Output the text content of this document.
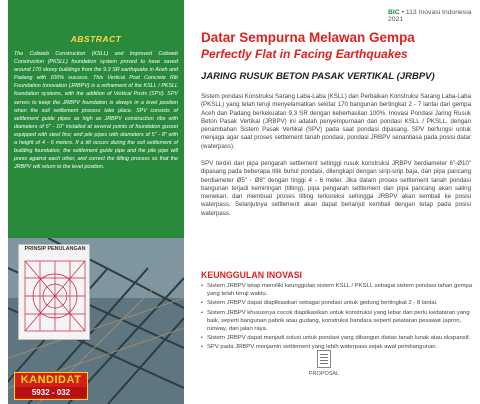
ABSTRACT
The Cobweb Construction (KSLL) and Improved Cobweb Construction (PKSLL) foundation system proved to have saved around 170 storey buildings from the 9.3 SR earthquake in Aceh and Padang with 100% success. This Vertical Post Concrete Rib Foundation Innovation (JRBPV) is a refinement of the KSLL / PKSLL foundation systems, with the addition of Vertical Posts (SPV). SPV serves to keep the JRBPV foundation is always in a level position when the soil settlement process take place. SPV consists of settlement guide pipes as high as JRBPV construction ribs with diameters of 6" - 10" installed at several points of foundation gusset equipped with steel fins; and pile pipes with diameters of 5" - 8" with a height of 4 - 6 meters. If a tilt occurs during the soil settlement of building foundation, the settlement guide pipe and the pile pipe will press against each other, and correct the tilting process so that the JRBPV will return to the level position.
PRINSIP PENULANGAN
KANDIDAT
5932 - 032
BIC • 113 Inovasi Indonesia 2021
Datar Sempurna Melawan Gempa
Perfectly Flat in Facing Earthquakes
JARING RUSUK BETON PASAK VERTIKAL (JRBPV)
Sistem pondasi Konstruksi Sarang Laba-Laba (KSLL) dan Perbaikan Konstruksi Sarang Laba-Laba (PKSLL) yang telah teruji menyelamatkan sekitar 170 bangunan bertingkat 2 - 7 lantai dari gempa Aceh dan Padang berkekuatan 9,3 SR dengan keberhasilan 100%. Inovasi Pondasi Jaring Rusuk Beton Pasak Vertikal (JRBPV) ini adalah penyempurnaan dari pondasi KSLL / PKSLL, dengan penambahan Sistem Pasak Vertikal (SPV) pada saat pondasi dipasang. SPV berfungsi untuk menjaga agar saat proses settlement tanah pondasi, pondasi JRBPV senantiasa pada posisi datar (waterpass).
SPV terdiri dari pipa pengarah settlement setinggi rusuk konstruksi JRBPV berdiameter 6"-Ø10" dipasang pada beberapa titik buhul pondasi, dilengkapi dengan sirip-sirip baja, dan pipa pancang berdiameter Ø5" - Ø8" dengan tinggi 4 - 6 meter. Jika dalam proses settlement tanah pondasi bangunan terjadi kemiringan (tilting), pipa pengarah settlement dan pipa pancang akan saling menekan, dan membuat proses tilting terkoreksi sehingga JRBPV akan kembali ke posisi waterpass. Selanjutnya settlement akan dapat berlanjut kembali dengan tetap pada posisi waterpass.
KEUNGGULAN INOVASI
• Sistem JRBPV tetap memiliki keunggulan sistem KSLL / PKSLL sebagai sistem pondasi tahan gempa yang telah teruji waktu.
• Sistem JRBPV dapat diaplikasikan sebagai pondasi untuk gedung bertingkat 2 - 8 lantai.
• Sistem JRBPV khususnya cocok diaplikasikan untuk konstruksi yang lebar dan perlu kedataran yang baik, seperti bangunan pabrik atau gudang, konstruksi bandara seperti pelataran pesawat (apron, runway, dan jalan raya.
• Sistem JRBPV dapat menjadi solusi untuk pondasi yang dibangun diatas tanah lunak atau ekspansif.
• SPV pada JRBPV menjamin settlement yang lebih waterpass sejak awal pembangunan.
PROPOSAL
